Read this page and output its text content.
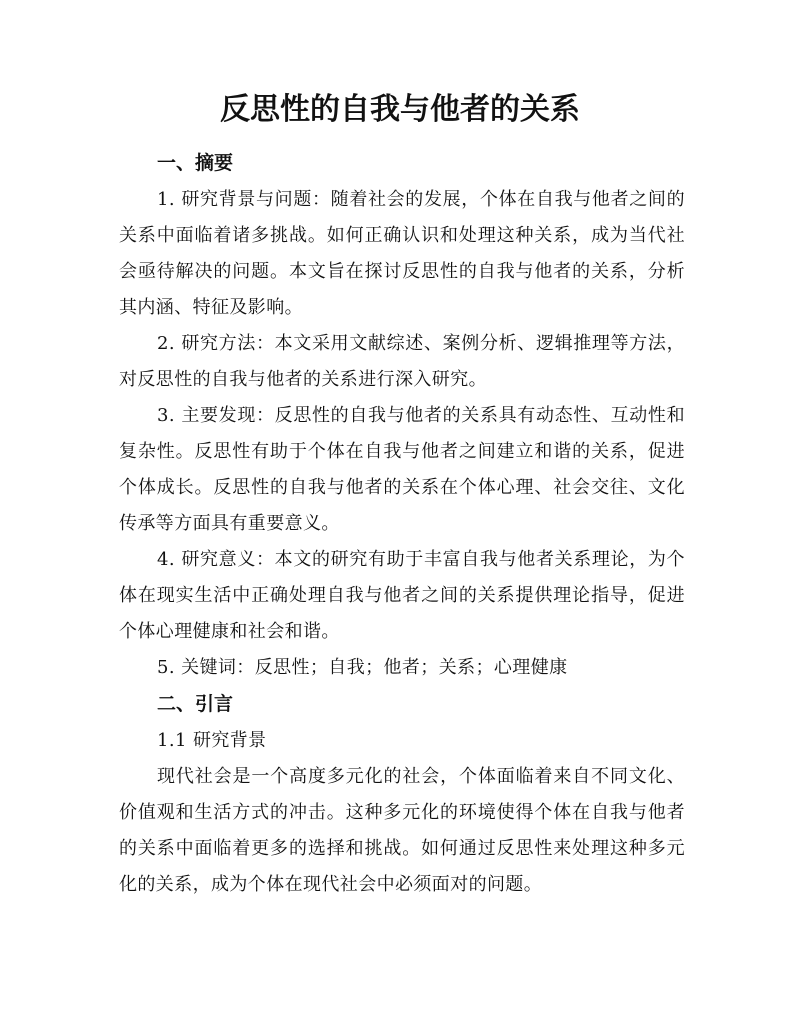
反思性的自我与他者的关系
一、摘要

1. 研究背景与问题：随着社会的发展，个体在自我与他者之间的关系中面临着诸多挑战。如何正确认识和处理这种关系，成为当代社会亟待解决的问题。本文旨在探讨反思性的自我与他者的关系，分析其内涵、特征及影响。

2. 研究方法：本文采用文献综述、案例分析、逻辑推理等方法，对反思性的自我与他者的关系进行深入研究。

3. 主要发现：反思性的自我与他者的关系具有动态性、互动性和复杂性。反思性有助于个体在自我与他者之间建立和谐的关系，促进个体成长。反思性的自我与他者的关系在个体心理、社会交往、文化传承等方面具有重要意义。

4. 研究意义：本文的研究有助于丰富自我与他者关系理论，为个体在现实生活中正确处理自我与他者之间的关系提供理论指导，促进个体心理健康和社会和谐。

5. 关键词：反思性；自我；他者；关系；心理健康

二、引言

1.1 研究背景

现代社会是一个高度多元化的社会，个体面临着来自不同文化、价值观和生活方式的冲击。这种多元化的环境使得个体在自我与他者的关系中面临着更多的选择和挑战。如何通过反思性来处理这种多元化的关系，成为个体在现代社会中必须面对的问题。
